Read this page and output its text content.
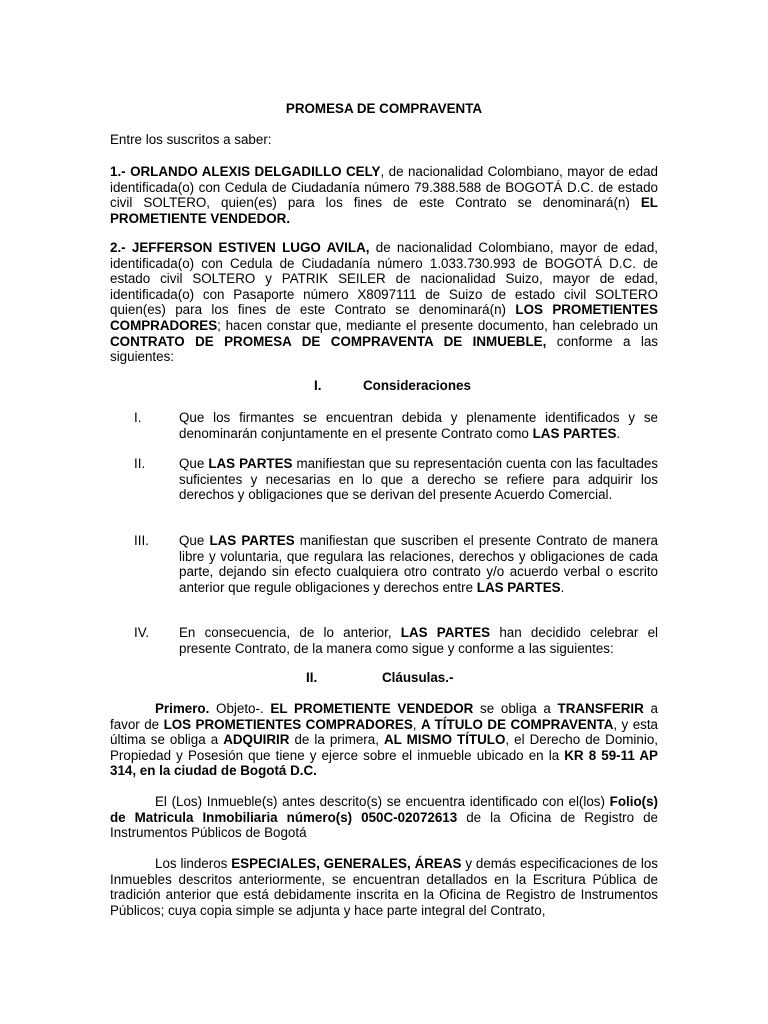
PROMESA DE COMPRAVENTA

Entre los suscritos a saber:

1.- ORLANDO ALEXIS DELGADILLO CELY, de nacionalidad Colombiano, mayor de edad identificada(o) con Cedula de Ciudadanía número 79.388.588 de BOGOTÁ D.C. de estado civil SOLTERO, quien(es) para los fines de este Contrato se denominará(n) EL PROMETIENTE VENDEDOR.

2.- JEFFERSON ESTIVEN LUGO AVILA, de nacionalidad Colombiano, mayor de edad, identificada(o) con Cedula de Ciudadanía número 1.033.730.993 de BOGOTÁ D.C. de estado civil SOLTERO y PATRIK SEILER de nacionalidad Suizo, mayor de edad, identificada(o) con Pasaporte número X8097111 de Suizo de estado civil SOLTERO quien(es) para los fines de este Contrato se denominará(n) LOS PROMETIENTES COMPRADORES; hacen constar que, mediante el presente documento, han celebrado un CONTRATO DE PROMESA DE COMPRAVENTA DE INMUEBLE, conforme a las siguientes:

I.	Consideraciones
I.	Que los firmantes se encuentran debida y plenamente identificados y se denominarán conjuntamente en el presente Contrato como LAS PARTES.

II.	Que LAS PARTES manifiestan que su representación cuenta con las facultades suficientes y necesarias en lo que a derecho se refiere para adquirir los derechos y obligaciones que se derivan del presente Acuerdo Comercial.

III. Que LAS PARTES manifiestan que suscriben el presente Contrato de manera libre y voluntaria, que regulara las relaciones, derechos y obligaciones de cada parte, dejando sin efecto cualquiera otro contrato y/o acuerdo verbal o escrito anterior que regule obligaciones y derechos entre LAS PARTES.

IV. En consecuencia, de lo anterior, LAS PARTES han decidido celebrar el presente Contrato, de la manera como sigue y conforme a las siguientes:

II.	Cláusulas.-

Primero. Objeto-. EL PROMETIENTE VENDEDOR se obliga a TRANSFERIR a favor de LOS PROMETIENTES COMPRADORES, A TÍTULO DE COMPRAVENTA, y esta última se obliga a ADQUIRIR de la primera, AL MISMO TÍTULO, el Derecho de Dominio, Propiedad y Posesión que tiene y ejerce sobre el inmueble ubicado en la KR 8 59-11 AP 314, en la ciudad de Bogotá D.C.

El (Los) Inmueble(s) antes descrito(s) se encuentra identificado con el(los) Folio(s) de Matricula Inmobiliaria número(s) 050C-02072613 de la Oficina de Registro de Instrumentos Públicos de Bogotá

Los linderos ESPECIALES, GENERALES, ÁREAS y demás especificaciones de los Inmuebles descritos anteriormente, se encuentran detallados en la Escritura Pública de tradición anterior que está debidamente inscrita en la Oficina de Registro de Instrumentos Públicos; cuya copia simple se adjunta y hace parte integral del Contrato,
